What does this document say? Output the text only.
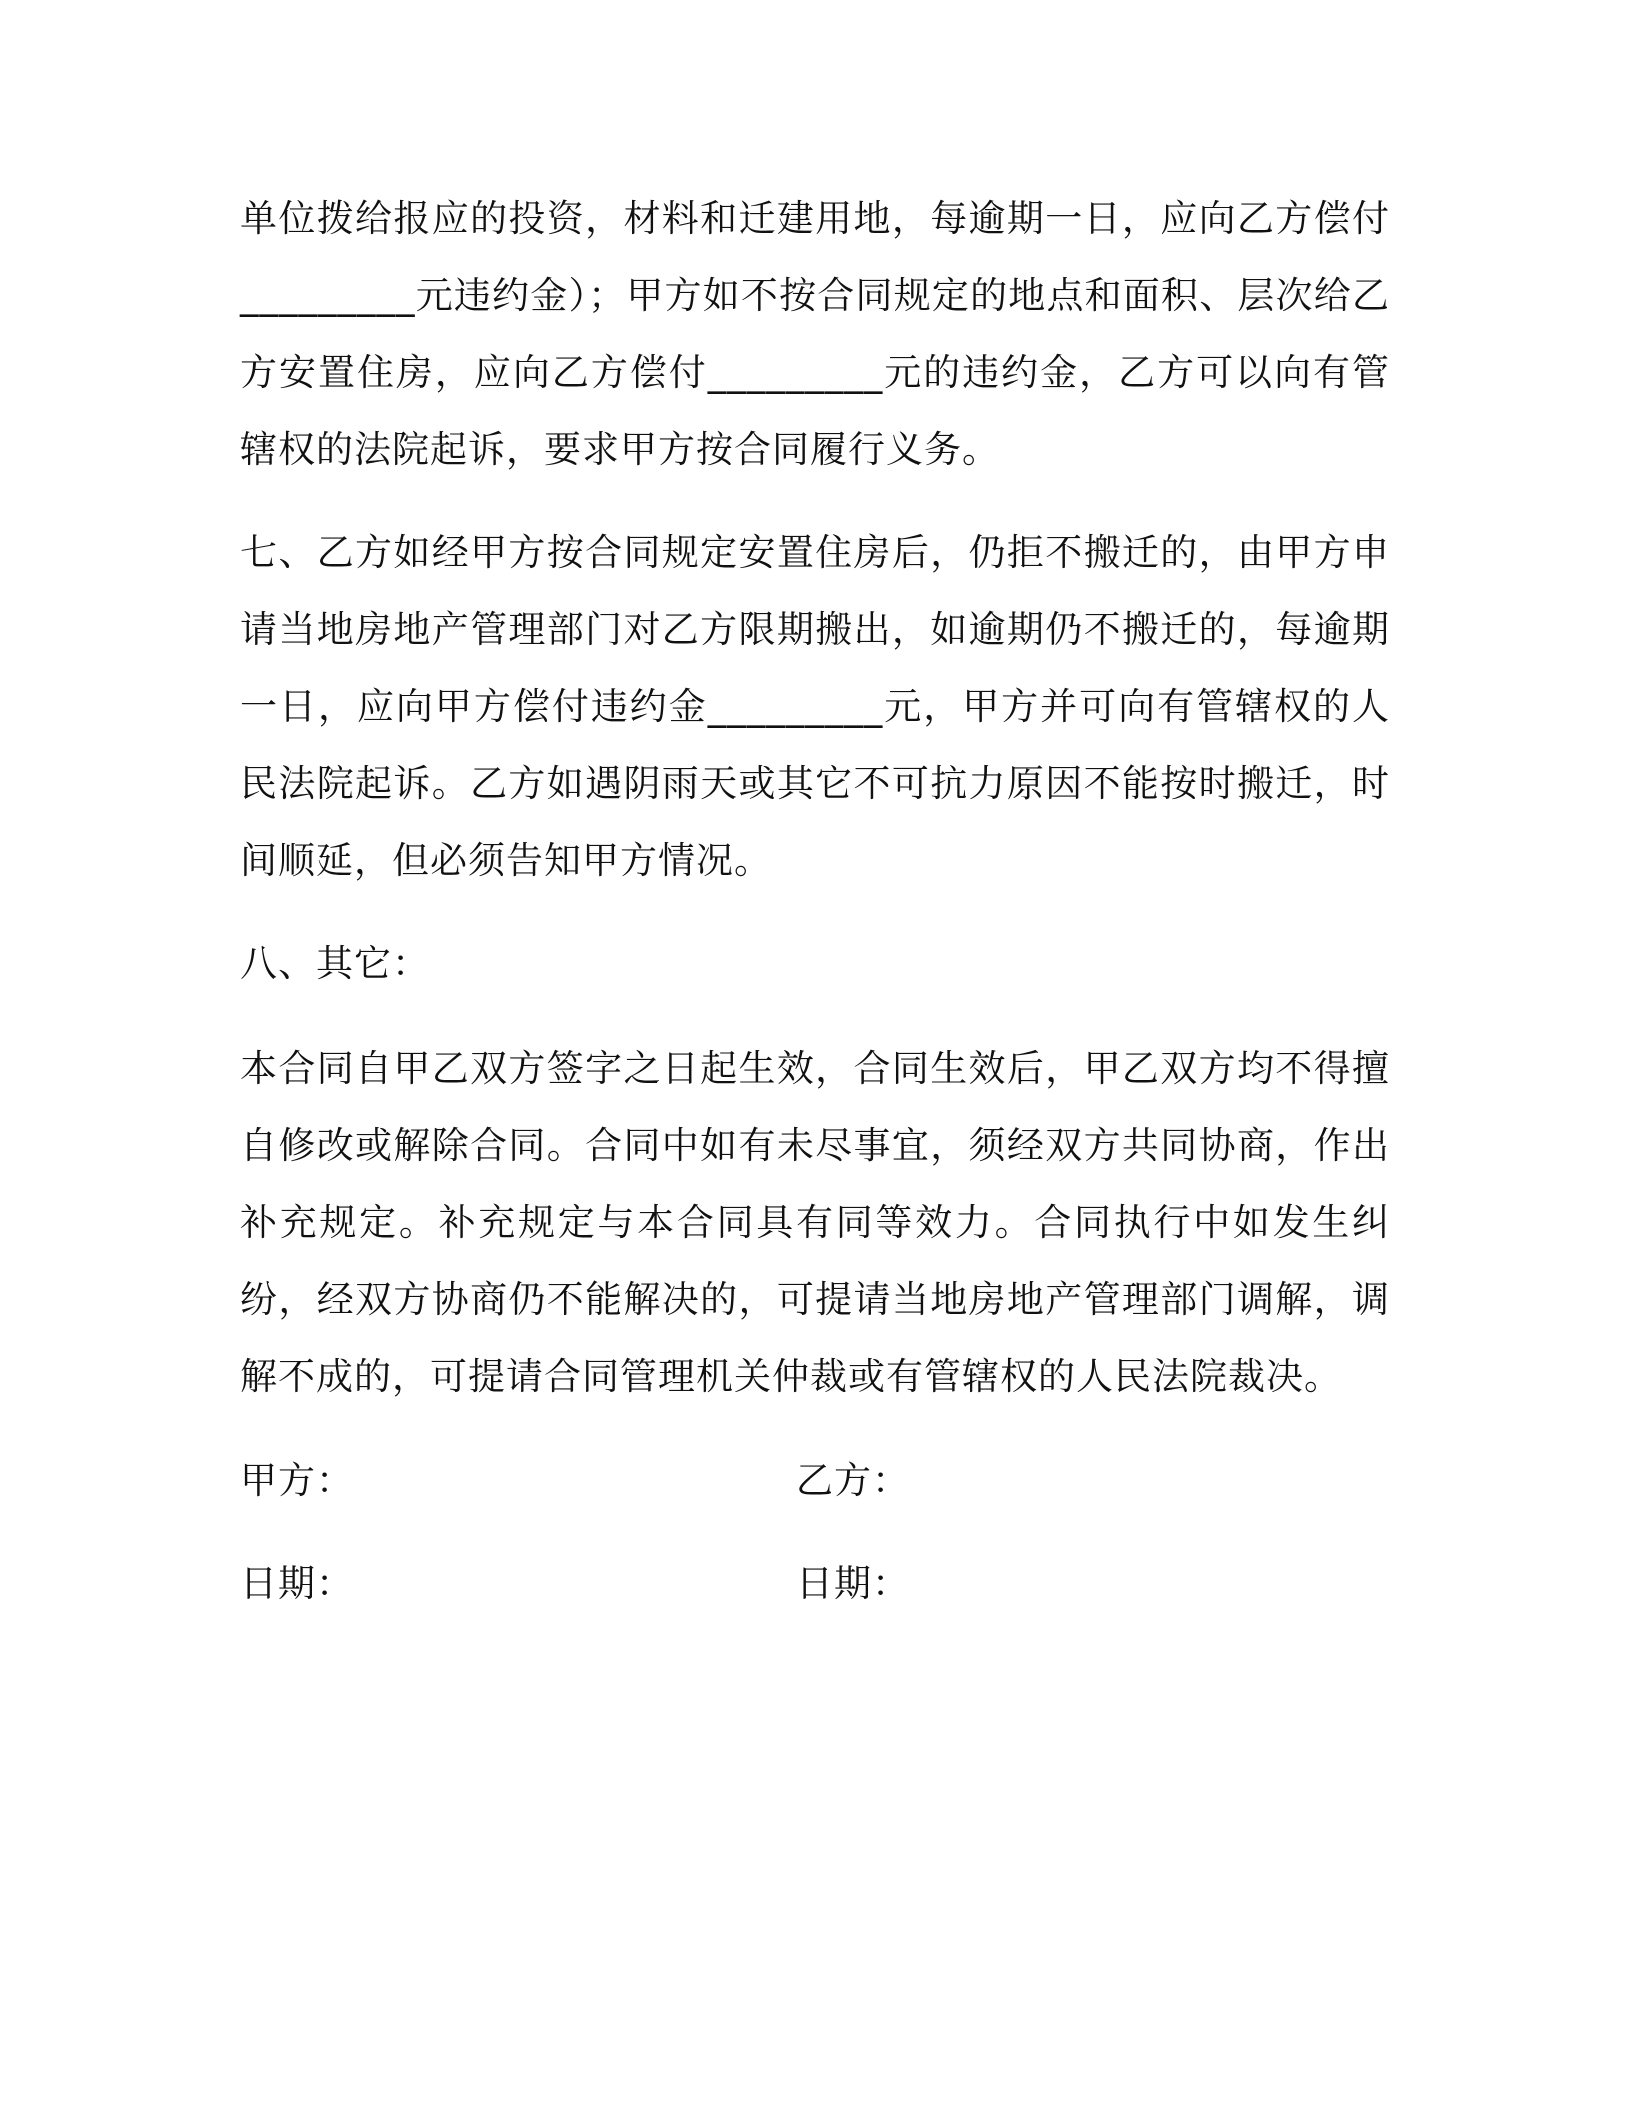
单位拨给报应的投资，材料和迁建用地，每逾期一日，应向乙方偿付_________元违约金）；甲方如不按合同规定的地点和面积、层次给乙方安置住房，应向乙方偿付_________元的违约金，乙方可以向有管辖权的法院起诉，要求甲方按合同履行义务。

七、乙方如经甲方按合同规定安置住房后，仍拒不搬迁的，由甲方申请当地房地产管理部门对乙方限期搬出，如逾期仍不搬迁的，每逾期一日，应向甲方偿付违约金_________元，甲方并可向有管辖权的人民法院起诉。乙方如遇阴雨天或其它不可抗力原因不能按时搬迁，时间顺延，但必须告知甲方情况。

八、其它：

本合同自甲乙双方签字之日起生效，合同生效后，甲乙双方均不得擅自修改或解除合同。合同中如有未尽事宜，须经双方共同协商，作出补充规定。补充规定与本合同具有同等效力。合同执行中如发生纠纷，经双方协商仍不能解决的，可提请当地房地产管理部门调解，调解不成的，可提请合同管理机关仲裁或有管辖权的人民法院裁决。

甲方：	乙方：

日期：	日期：
